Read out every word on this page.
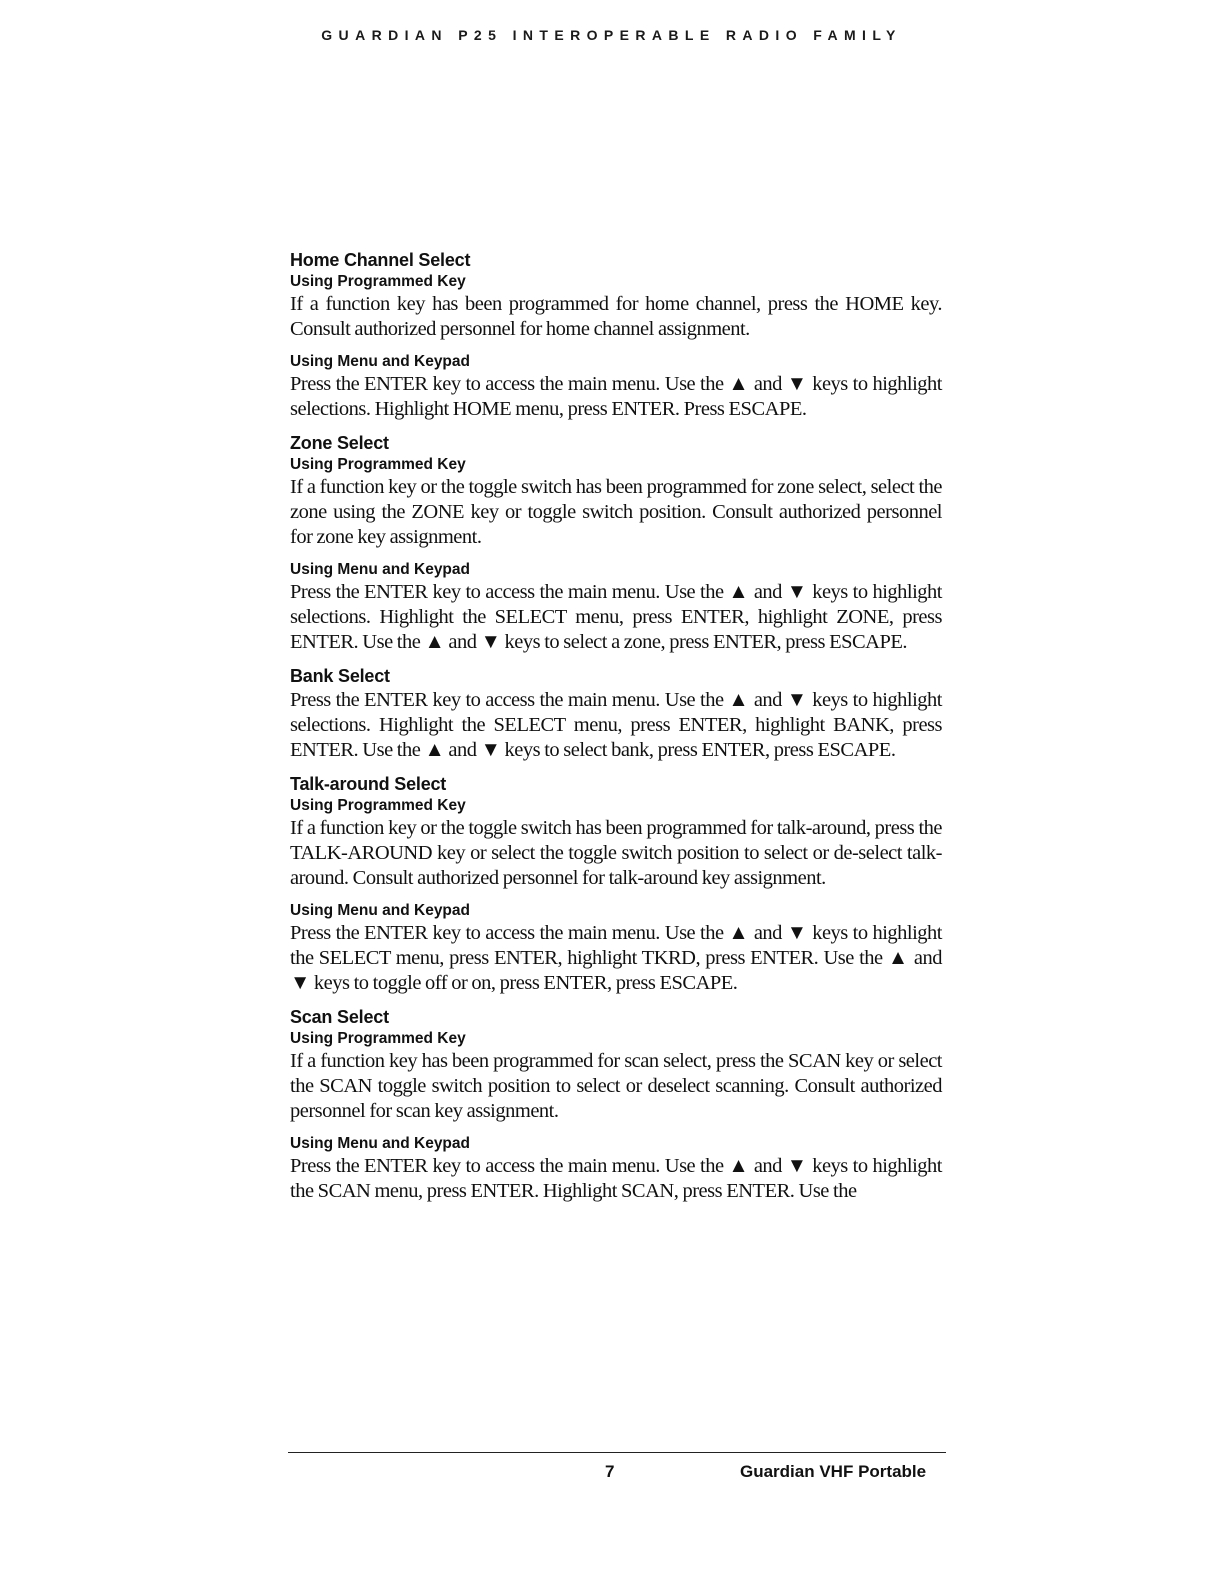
GUARDIAN P25 INTEROPERABLE RADIO FAMILY
Home Channel Select
Using Programmed Key

If a function key has been programmed for home channel, press the HOME key. Consult authorized personnel for home channel assignment.

Using Menu and Keypad

Press the ENTER key to access the main menu. Use the ▲ and ▼ keys to highlight selections. Highlight HOME menu, press ENTER. Press ESCAPE.

Zone Select
Using Programmed Key

If a function key or the toggle switch has been programmed for zone select, select the zone using the ZONE key or toggle switch position. Consult authorized personnel for zone key assignment.

Using Menu and Keypad

Press the ENTER key to access the main menu. Use the ▲ and ▼ keys to highlight selections. Highlight the SELECT menu, press ENTER, highlight ZONE, press ENTER. Use the ▲ and ▼ keys to select a zone, press ENTER, press ESCAPE.

Bank Select

Press the ENTER key to access the main menu. Use the ▲ and ▼ keys to highlight selections. Highlight the SELECT menu, press ENTER, highlight BANK, press ENTER. Use the ▲ and ▼ keys to select bank, press ENTER, press ESCAPE.

Talk-around Select
Using Programmed Key

If a function key or the toggle switch has been programmed for talk-around, press the TALK-AROUND key or select the toggle switch position to select or de-select talk-around. Consult authorized personnel for talk-around key assignment.

Using Menu and Keypad

Press the ENTER key to access the main menu. Use the ▲ and ▼ keys to highlight the SELECT menu, press ENTER, highlight TKRD, press ENTER. Use the ▲ and ▼ keys to toggle off or on, press ENTER, press ESCAPE.

Scan Select
Using Programmed Key

If a function key has been programmed for scan select, press the SCAN key or select the SCAN toggle switch position to select or deselect scanning. Consult authorized personnel for scan key assignment.

Using Menu and Keypad

Press the ENTER key to access the main menu. Use the ▲ and ▼ keys to highlight the SCAN menu, press ENTER. Highlight SCAN, press ENTER. Use the

7	Guardian VHF Portable
